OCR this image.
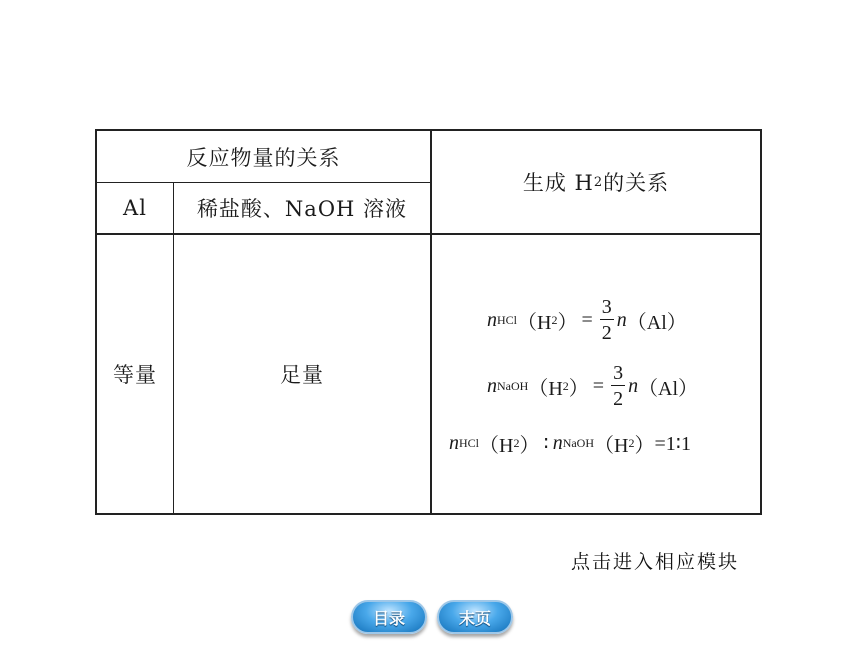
反应物量的关系
Al	稀盐酸、NaOH 溶液
生成 H 2 的关系
等量	足量
n HCl （H 2 ） = $\frac{3}{2}$ n （Al）
n NaOH （H 2 ） = $\frac{3}{2}$ n （Al）
n HCl （H 2 ） ∶ n NaOH （H 2 ） =1∶1
点击进入相应模块
目录	末页
